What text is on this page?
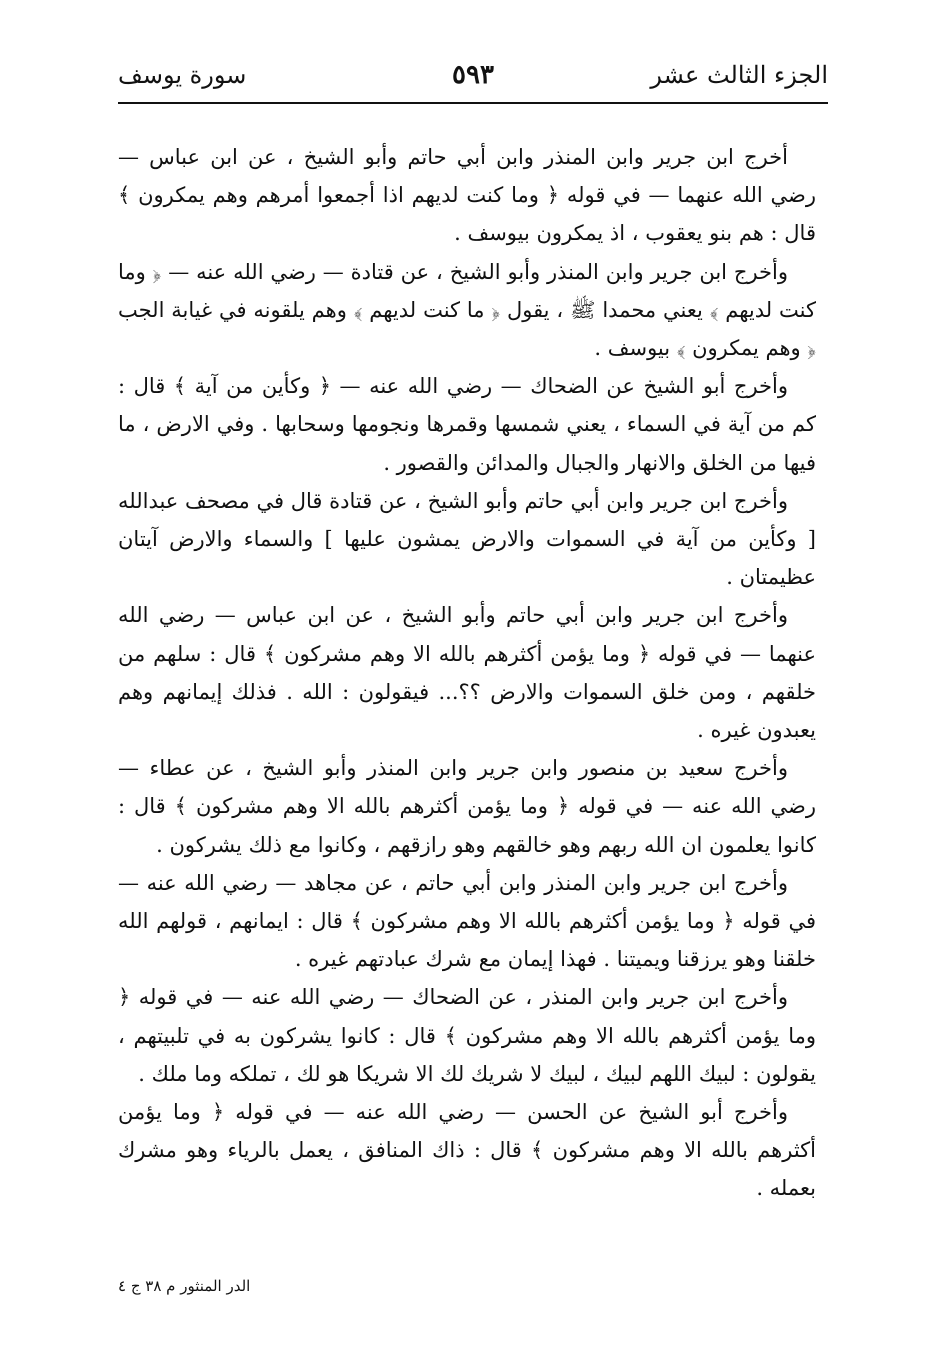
الجزء الثالث عشر
٥٩٣
سورة يوسف

أخرج ابن جرير وابن المنذر وابن أبي حاتم وأبو الشيخ ، عن ابن عباس — رضي الله عنهما — في قوله ﴿ وما كنت لديهم اذا أجمعوا أمرهم وهم يمكرون ﴾ قال : هم بنو يعقوب ، اذ يمكرون بيوسف .

وأخرج ابن جرير وابن المنذر وأبو الشيخ ، عن قتادة — رضي الله عنه — ﴿ وما كنت لديهم ﴾ يعني محمدا ﷺ ، يقول ﴿ ما كنت لديهم ﴾ وهم يلقونه في غيابة الجب ﴿ وهم يمكرون ﴾ بيوسف .

وأخرج أبو الشيخ عن الضحاك — رضي الله عنه — ﴿ وكأين من آية ﴾ قال : كم من آية في السماء ، يعني شمسها وقمرها ونجومها وسحابها . وفي الارض ، ما فيها من الخلق والانهار والجبال والمدائن والقصور .

وأخرج ابن جرير وابن أبي حاتم وأبو الشيخ ، عن قتادة قال في مصحف عبدالله [ وكأين من آية في السموات والارض يمشون عليها ] والسماء والارض آيتان عظيمتان .

وأخرج ابن جرير وابن أبي حاتم وأبو الشيخ ، عن ابن عباس — رضي الله عنهما — في قوله ﴿ وما يؤمن أكثرهم بالله الا وهم مشركون ﴾ قال : سلهم من خلقهم ، ومن خلق السموات والارض ؟؟... فيقولون : الله . فذلك إيمانهم وهم يعبدون غيره .

وأخرج سعيد بن منصور وابن جرير وابن المنذر وأبو الشيخ ، عن عطاء — رضي الله عنه — في قوله ﴿ وما يؤمن أكثرهم بالله الا وهم مشركون ﴾ قال : كانوا يعلمون ان الله ربهم وهو خالقهم وهو رازقهم ، وكانوا مع ذلك يشركون .

وأخرج ابن جرير وابن المنذر وابن أبي حاتم ، عن مجاهد — رضي الله عنه — في قوله ﴿ وما يؤمن أكثرهم بالله الا وهم مشركون ﴾ قال : ايمانهم ، قولهم الله خلقنا وهو يرزقنا ويميتنا . فهذا إيمان مع شرك عبادتهم غيره .

وأخرج ابن جرير وابن المنذر ، عن الضحاك — رضي الله عنه — في قوله ﴿ وما يؤمن أكثرهم بالله الا وهم مشركون ﴾ قال : كانوا يشركون به في تلبيتهم ، يقولون : لبيك اللهم لبيك ، لبيك لا شريك لك الا شريكا هو لك ، تملكه وما ملك .

وأخرج أبو الشيخ عن الحسن — رضي الله عنه — في قوله ﴿ وما يؤمن أكثرهم بالله الا وهم مشركون ﴾ قال : ذاك المنافق ، يعمل بالرياء وهو مشرك بعمله .

الدر المنثور م ٣٨ ج ٤
